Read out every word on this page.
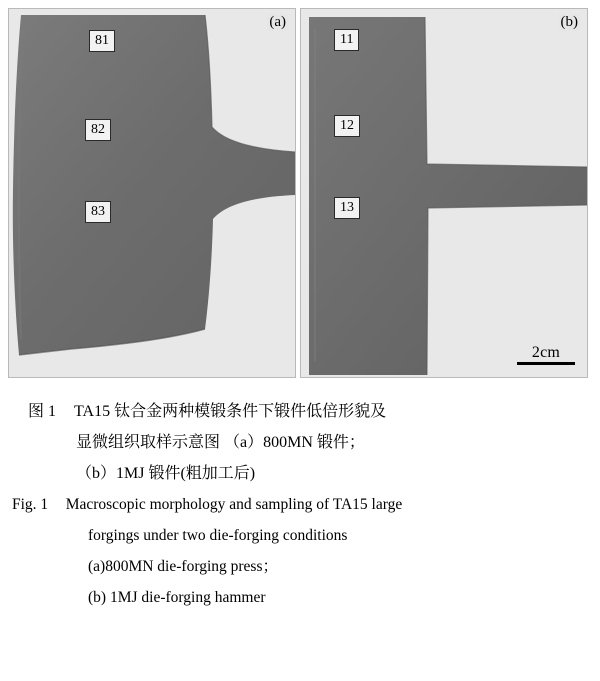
(a)
81
82
83
(b)
11
12
13
2cm
图 1 TA15 钛合金两种模锻条件下锻件低倍形貌及
显微组织取样示意图 （a）800MN 锻件；
（b）1MJ 锻件(粗加工后)
Fig. 1 Macroscopic morphology and sampling of TA15 large
forgings under two die-forging conditions
(a)800MN die-forging press；
(b) 1MJ die-forging hammer
